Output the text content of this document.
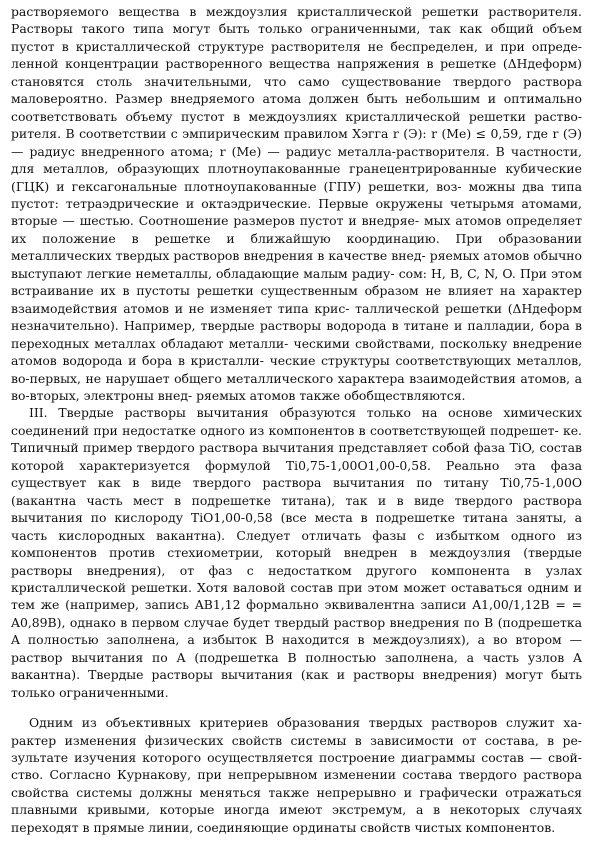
растворяемого вещества в междоузлия кристаллической решетки растворителя.Растворы такого типа могут быть только ограниченными, так как общий объемпустот в кристаллической структуре растворителя не беспределен, и при опреде-ленной концентрации растворенного вещества напряжения в решетке (ΔHдеформ)становятся столь значительными, что само существование твердого растворамаловероятно. Размер внедряемого атома должен быть небольшим и оптимальносоответствовать объему пустот в междоузлиях кристаллической решетки раство-рителя. В соответствии с эмпирическим правилом Хэгга r (Э): r (Ме) ≤ 0,59, где r (Э) — радиус внедренного атома; r (Ме) — радиус металла-растворителя. В частности, для металлов, образующих плотноупакованные гранецентрированные кубические (ГЦК) и гексагональные плотноупакованные (ГПУ) решетки, воз- можны два типа пустот: тетраэдрические и октаэдрические. Первые окружены четырьмя атомами, вторые — шестью. Соотношение размеров пустот и внедряе- мых атомов определяет их положение в решетке и ближайшую координацию. При образовании металлических твердых растворов внедрения в качестве внед- ряемых атомов обычно выступают легкие неметаллы, обладающие малым радиу- сом: H, B, C, N, O. При этом встраивание их в пустоты решетки существенным образом не влияет на характер взаимодействия атомов и не изменяет типа крис- таллической решетки (ΔHдеформ незначительно). Например, твердые растворы водорода в титане и палладии, бора в переходных металлах обладают металли- ческими свойствами, поскольку внедрение атомов водорода и бора в кристалли- ческие структуры соответствующих металлов, во-первых, не нарушает общего металлического характера взаимодействия атомов, а во-вторых, электроны внед- ряемых атомов также обобществляются.

III. Твердые растворы вычитания образуются только на основе химическихсоединений при недостатке одного из компонентов в соответствующей подрешет- ке. Типичный пример твердого раствора вычитания представляет собой фаза TiO, состав которой характеризуется формулой Ti0,75-1,00O1,00-0,58. Реально эта фаза существует как в виде твердого раствора вычитания по титану Ti0,75-1,00O(вакантна часть мест в подрешетке титана), так и в виде твердого растворавычитания по кислороду TiO1,00-0,58 (все места в подрешетке титана заняты, ачасть кислородных вакантна). Следует отличать фазы с избытком одного изкомпонентов против стехиометрии, который внедрен в междоузлия (твердыерастворы внедрения), от фаз с недостатком другого компонента в узлахкристаллической решетки. Хотя валовой состав при этом может оставаться одним и тем же (например, запись AB1,12 формально эквивалентна записи A1,00/1,12B = = A0,89B), однако в первом случае будет твердый раствор внедрения по B (подрешетка A полностью заполнена, а избыток B находится в междоузлиях), а во втором — раствор вычитания по A (подрешетка B полностью заполнена, а часть узлов A вакантна). Твердые растворы вычитания (как и растворы внедрения) могут быть только ограниченными.

Одним из объективных критериев образования твердых растворов служит ха-рактер изменения физических свойств системы в зависимости от состава, в ре-зультате изучения которого осуществляется построение диаграммы состав — свой-ство. Согласно Курнакову, при непрерывном изменении состава твердого растворасвойства системы должны меняться также непрерывно и графически отражатьсяплавными кривыми, которые иногда имеют экстремум, а в некоторых случаяхпереходят в прямые линии, соединяющие ординаты свойств чистых компонентов.
